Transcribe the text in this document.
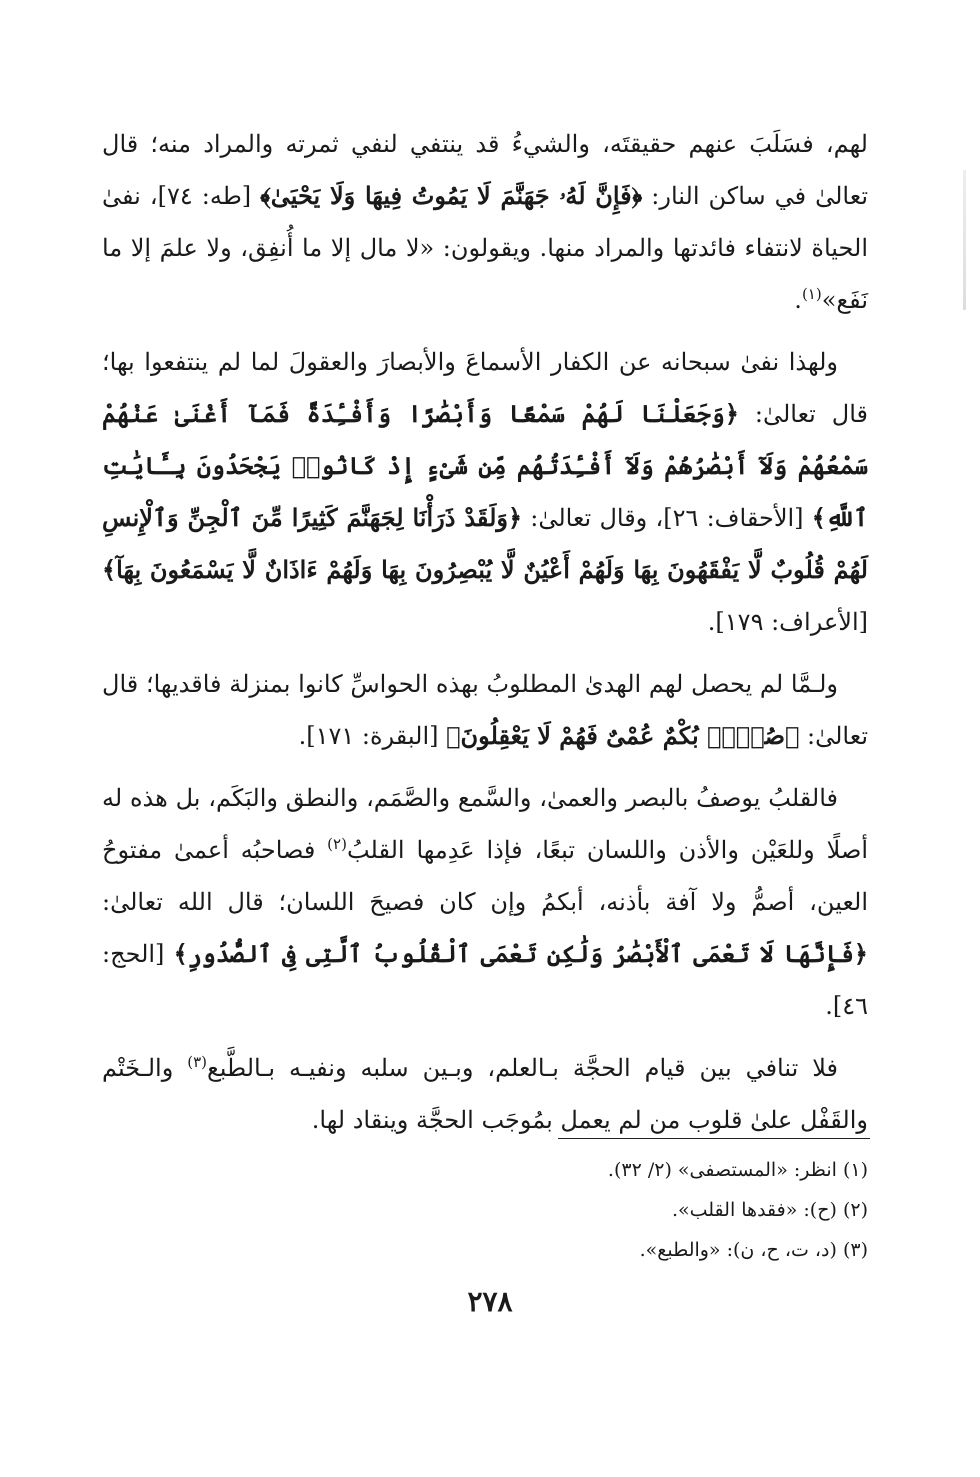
لهم، فسَلَبَ عنهم حقيقتَه، والشيءُ قد ينتفي لنفي ثمرته والمراد منه؛ قال تعالىٰ في ساكن النار: ﴿فَإِنَّ لَهُۥ جَهَنَّمَ لَا يَمُوتُ فِيهَا وَلَا يَحْيَىٰ﴾ [طه: ٧٤]، نفىٰ الحياة لانتفاء فائدتها والمراد منها. ويقولون: «لا مال إلا ما أُنفِق، ولا علمَ إلا ما نَفَع»$^{(١)}$.

ولهذا نفىٰ سبحانه عن الكفار الأسماعَ والأبصارَ والعقولَ لما لم ينتفعوا بها؛ قال تعالىٰ: ﴿وَجَعَلْنَا لَهُمْ سَمْعًا وَأَبْصَٰرًا وَأَفْـِٔدَةً فَمَآ أَغْنَىٰ عَنْهُمْ سَمْعُهُمْ وَلَآ أَبْصَٰرُهُمْ وَلَآ أَفْـِٔدَتُهُم مِّن شَىْءٍ إِذْ كَانُوا۟ يَجْحَدُونَ بِـَٔايَٰتِ ٱللَّهِ﴾ [الأحقاف: ٢٦]، وقال تعالىٰ: ﴿وَلَقَدْ ذَرَأْنَا لِجَهَنَّمَ كَثِيرًا مِّنَ ٱلْجِنِّ وَٱلْإِنسِ لَهُمْ قُلُوبٌ لَّا يَفْقَهُونَ بِهَا وَلَهُمْ أَعْيُنٌ لَّا يُبْصِرُونَ بِهَا وَلَهُمْ ءَاذَانٌ لَّا يَسْمَعُونَ بِهَآ﴾ [الأعراف: ١٧٩].

ولـمَّا لم يحصل لهم الهدىٰ المطلوبُ بهذه الحواسِّ كانوا بمنزلة فاقديها؛ قال تعالىٰ: ﴿صُمٌّۢ بُكْمٌ عُمْىٌ فَهُمْ لَا يَعْقِلُونَ﴾ [البقرة: ١٧١].

فالقلبُ يوصفُ بالبصر والعمىٰ، والسَّمع والصَّمَم، والنطق والبَكَم، بل هذه له أصلًا وللعَيْن والأذن واللسان تبعًا، فإذا عَدِمها القلبُ$^{(٢)}$ فصاحبُه أعمىٰ مفتوحُ العين، أصمُّ ولا آفة بأذنه، أبكمُ وإن كان فصيحَ اللسان؛ قال الله تعالىٰ: ﴿فَإِنَّهَا لَا تَعْمَى ٱلْأَبْصَٰرُ وَلَٰكِن تَعْمَى ٱلْقُلُوبُ ٱلَّتِى فِى ٱلصُّدُورِ﴾ [الحج: ٤٦].

فلا تنافي بين قيام الحجَّة بـالعلم، وبـين سلبه ونفيـه بـالطَّبع$^{(٣)}$ والـخَتْم والقَفْل علىٰ قلوب من لم يعمل بمُوجَب الحجَّة وينقاد لها.

(١) انظر: «المستصفى» (٢/ ٣٢).

(٢) (ح): «فقدها القلب».

(٣) (د، ت، ح، ن): «والطبع».

٢٧٨
